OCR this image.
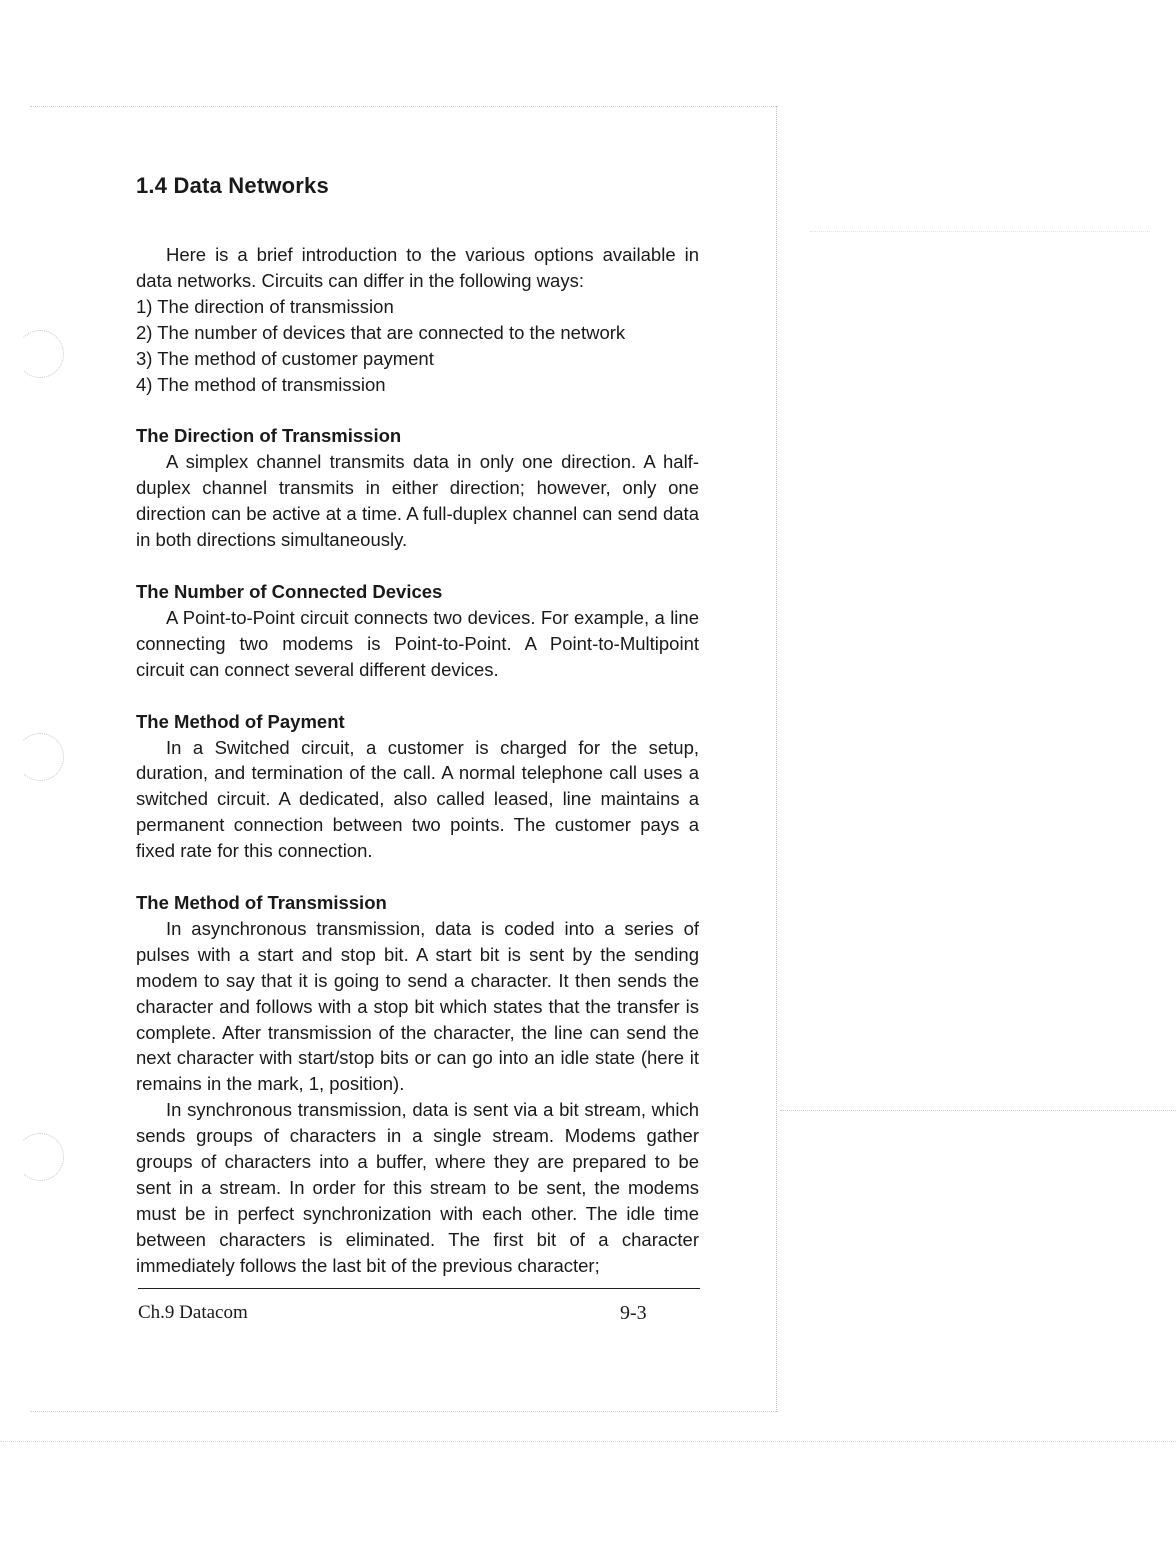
1.4 Data Networks

Here is a brief introduction to the various options available in data networks. Circuits can differ in the following ways:

1) The direction of transmission
2) The number of devices that are connected to the network
3) The method of customer payment
4) The method of transmission
The Direction of Transmission

A simplex channel transmits data in only one direction. A half-duplex channel transmits in either direction; however, only one direction can be active at a time. A full-duplex channel can send data in both directions simultaneously.

The Number of Connected Devices

A Point-to-Point circuit connects two devices. For example, a line connecting two modems is Point-to-Point. A Point-to-Multipoint circuit can connect several different devices.

The Method of Payment

In a Switched circuit, a customer is charged for the setup, duration, and termination of the call. A normal telephone call uses a switched circuit. A dedicated, also called leased, line maintains a permanent connection between two points. The customer pays a fixed rate for this connection.

The Method of Transmission

In asynchronous transmission, data is coded into a series of pulses with a start and stop bit. A start bit is sent by the sending modem to say that it is going to send a character. It then sends the character and follows with a stop bit which states that the transfer is complete. After transmission of the character, the line can send the next character with start/stop bits or can go into an idle state (here it remains in the mark, 1, position).

In synchronous transmission, data is sent via a bit stream, which sends groups of characters in a single stream. Modems gather groups of characters into a buffer, where they are prepared to be sent in a stream. In order for this stream to be sent, the modems must be in perfect synchronization with each other. The idle time between characters is eliminated. The first bit of a character immediately follows the last bit of the previous character;

Ch.9 Datacom	9-3
